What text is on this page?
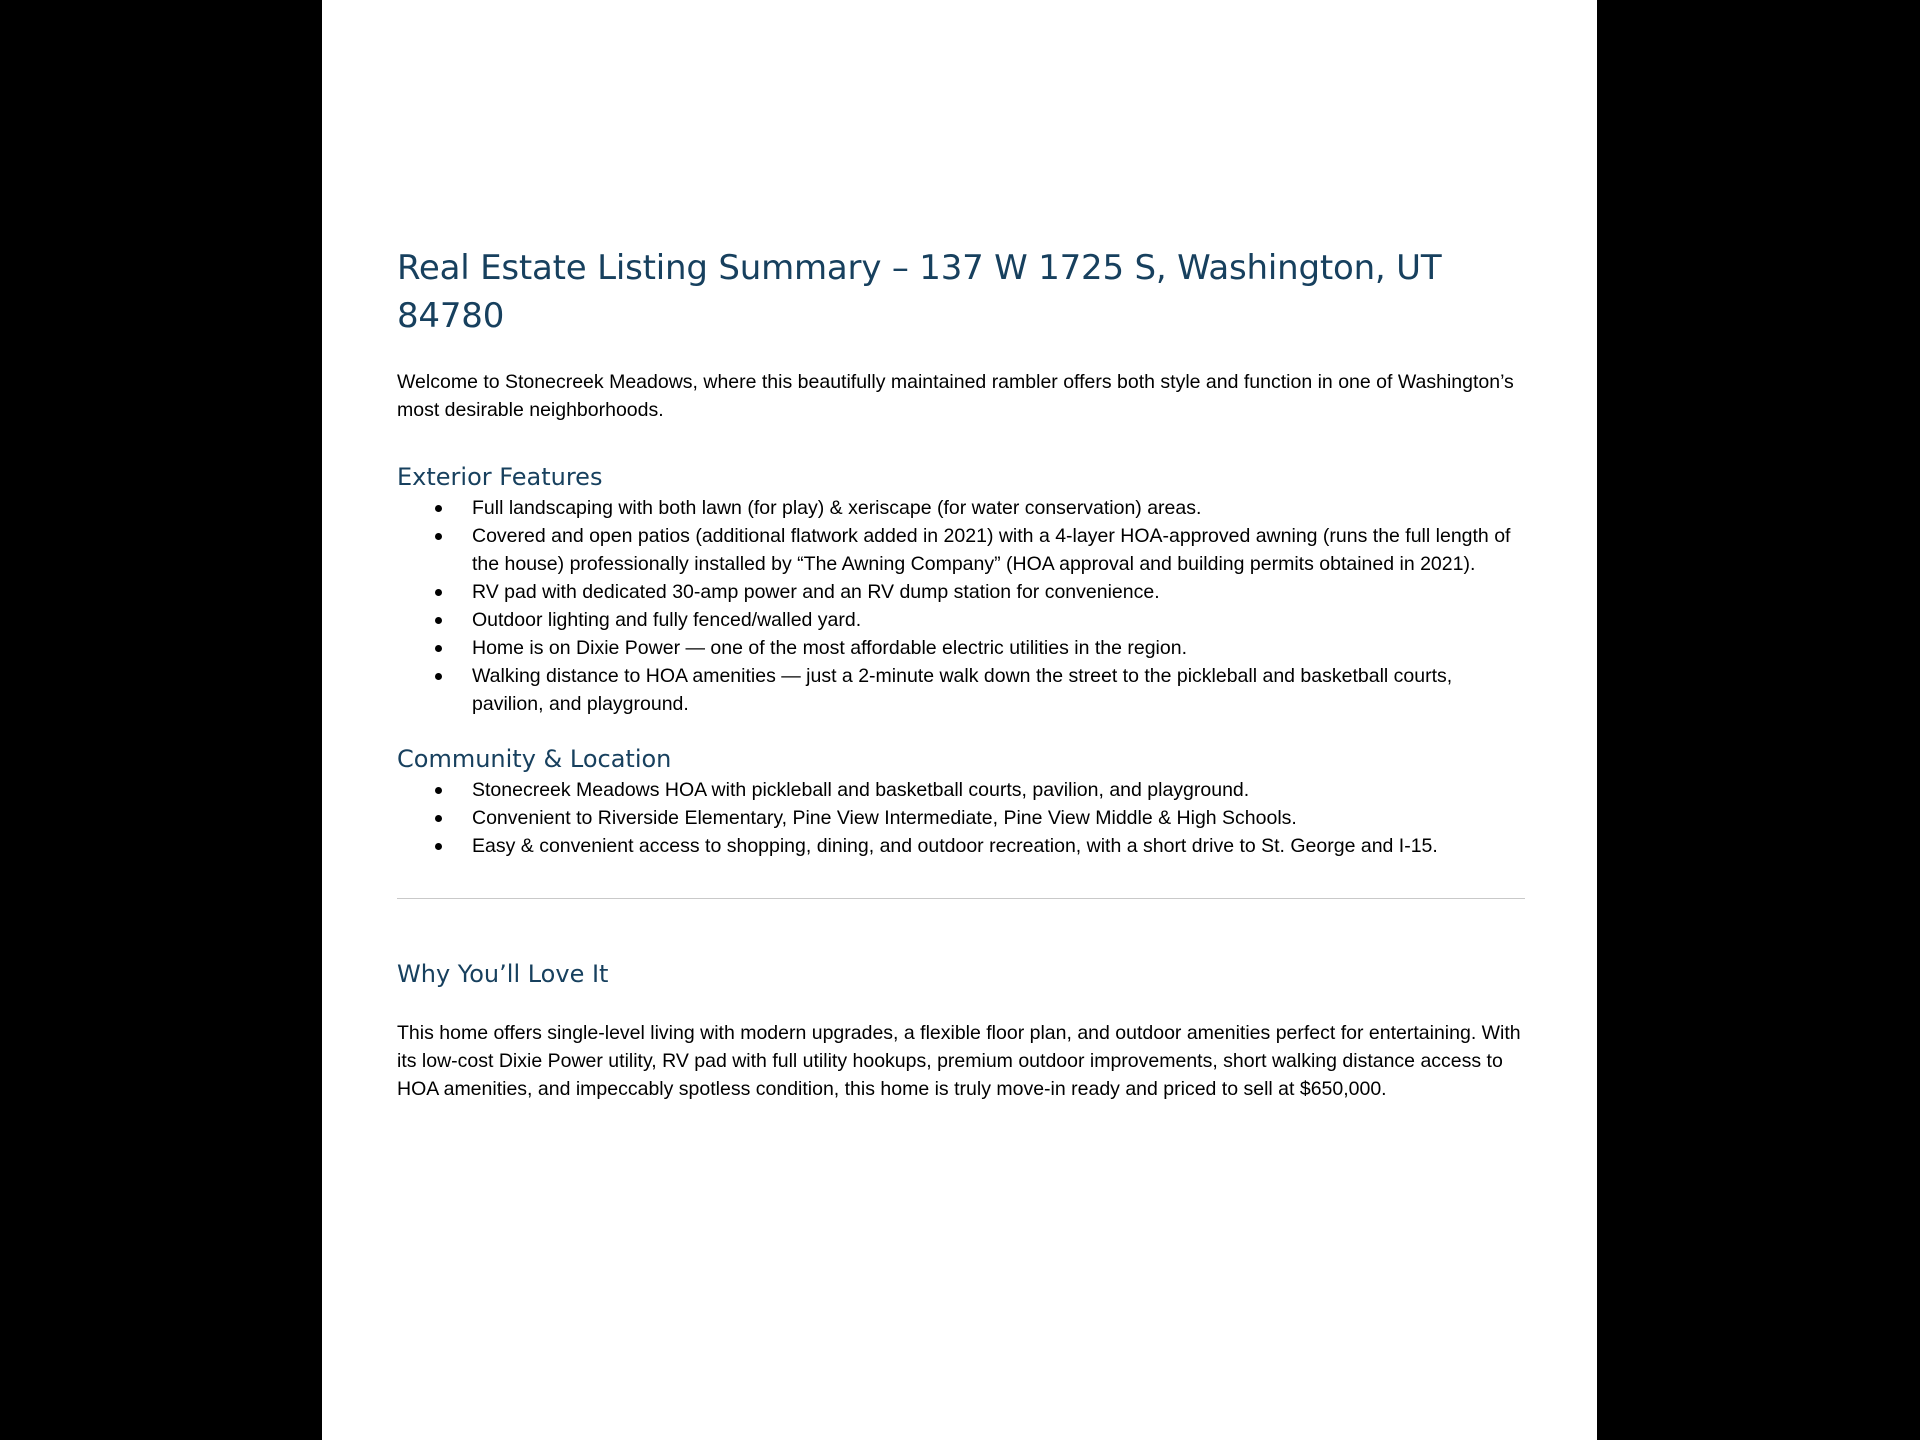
Real Estate Listing Summary – 137 W 1725 S, Washington, UT 84780

Welcome to Stonecreek Meadows, where this beautifully maintained rambler offers both style and function in one of Washington’s most desirable neighborhoods.

Exterior Features
Full landscaping with both lawn (for play) & xeriscape (for water conservation) areas.
Covered and open patios (additional flatwork added in 2021) with a 4-layer HOA-approved awning (runs the full length of the house) professionally installed by “The Awning Company” (HOA approval and building permits obtained in 2021).
RV pad with dedicated 30-amp power and an RV dump station for convenience.
Outdoor lighting and fully fenced/walled yard.
Home is on Dixie Power — one of the most affordable electric utilities in the region.
Walking distance to HOA amenities — just a 2-minute walk down the street to the pickleball and basketball courts, pavilion, and playground.
Community & Location
Stonecreek Meadows HOA with pickleball and basketball courts, pavilion, and playground.
Convenient to Riverside Elementary, Pine View Intermediate, Pine View Middle & High Schools.
Easy & convenient access to shopping, dining, and outdoor recreation, with a short drive to St. George and I-15.
Why You’ll Love It

This home offers single-level living with modern upgrades, a flexible floor plan, and outdoor amenities perfect for entertaining. With its low-cost Dixie Power utility, RV pad with full utility hookups, premium outdoor improvements, short walking distance access to HOA amenities, and impeccably spotless condition, this home is truly move-in ready and priced to sell at $650,000.
